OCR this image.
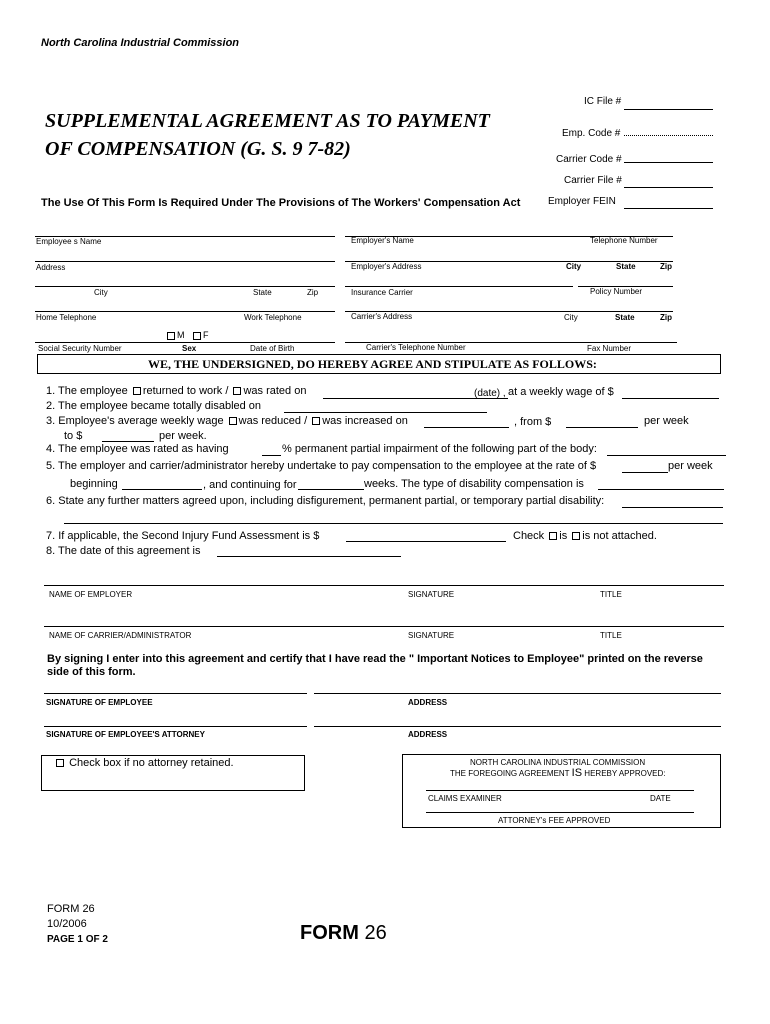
North Carolina Industrial Commission
SUPPLEMENTAL AGREEMENT AS TO PAYMENT
OF COMPENSATION (G. S. 9 7-82)
The Use Of This Form Is Required Under The Provisions of The Workers' Compensation Act
IC File #
Emp. Code #
Carrier Code #
Carrier File #
Employer FEIN
Employee s Name	Employer's Name	Telephone Number
Address	Employer's Address	City	State	Zip
City	State	Zip	Insurance Carrier	Policy Number
Home Telephone	Work Telephone	Carrier's Address	City	State	Zip
M F
Social Security Number	Sex	Date of Birth	Carrier's Telephone Number	Fax Number
WE, THE UNDERSIGNED, DO HEREBY AGREE AND STIPULATE AS FOLLOWS:
1. The employee returned to work / was rated on	(date) , at a weekly wage of $
2. The employee became totally disabled on
3. Employee's average weekly wage was reduced / was increased on	, from $	per week
to $	per week.
4. The employee was rated as having	% permanent partial impairment of the following part of the body:
5. The employer and carrier/administrator hereby undertake to pay compensation to the employee at the rate of $	per week
beginning	, and continuing for	weeks. The type of disability compensation is
6. State any further matters agreed upon, including disfigurement, permanent partial, or temporary partial disability:
7. If applicable, the Second Injury Fund Assessment is $	Check is is not attached.
8. The date of this agreement is
NAME OF EMPLOYER	SIGNATURE	TITLE
NAME OF CARRIER/ADMINISTRATOR	SIGNATURE	TITLE
By signing I enter into this agreement and certify that I have read the " Important Notices to Employee" printed on the reverse side of this form.
SIGNATURE OF EMPLOYEE	ADDRESS
SIGNATURE OF EMPLOYEE'S ATTORNEY	ADDRESS
Check box if no attorney retained.	NORTH CAROLINA INDUSTRIAL COMMISSION
THE FOREGOING AGREEMENT IS HEREBY APPROVED:
CLAIMS EXAMINER	DATE
ATTORNEY's FEE APPROVED
FORM 26
10/2006
PAGE 1 OF 2	FORM 26
